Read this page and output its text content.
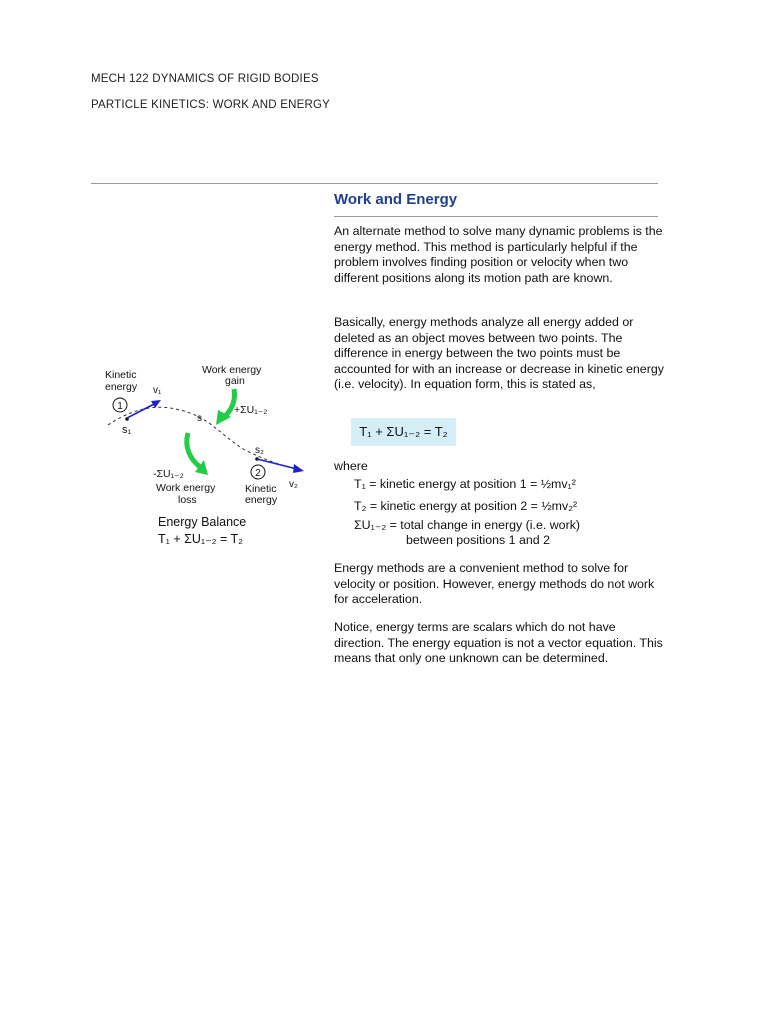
MECH 122 DYNAMICS OF RIGID BODIES
PARTICLE KINETICS: WORK AND ENERGY
Work and Energy
An alternate method to solve many dynamic problems is the energy method. This method is particularly helpful if the problem involves finding position or velocity when two different positions along its motion path are known.
Basically, energy methods analyze all energy added or deleted as an object moves between two points. The difference in energy between the two points must be accounted for with an increase or decrease in kinetic energy (i.e. velocity). In equation form, this is stated as,
T₁ + ΣU₁₋₂ = T₂
where
T₁ = kinetic energy at position 1 = ½mv₁²
T₂ = kinetic energy at position 2 = ½mv₂²
ΣU₁₋₂ = total change in energy (i.e. work)
between positions 1 and 2
Energy methods are a convenient method to solve for velocity or position. However, energy methods do not work for acceleration.
Notice, energy terms are scalars which do not have direction. The energy equation is not a vector equation. This means that only one unknown can be determined.
1
s₁
v₁
Kinetic
energy
s
Work energy
gain
+ΣU₁₋₂
-ΣU₁₋₂
Work energy
loss
s₂
2
v₂
Kinetic
energy
Energy Balance
T₁ + ΣU₁₋₂ = T₂
